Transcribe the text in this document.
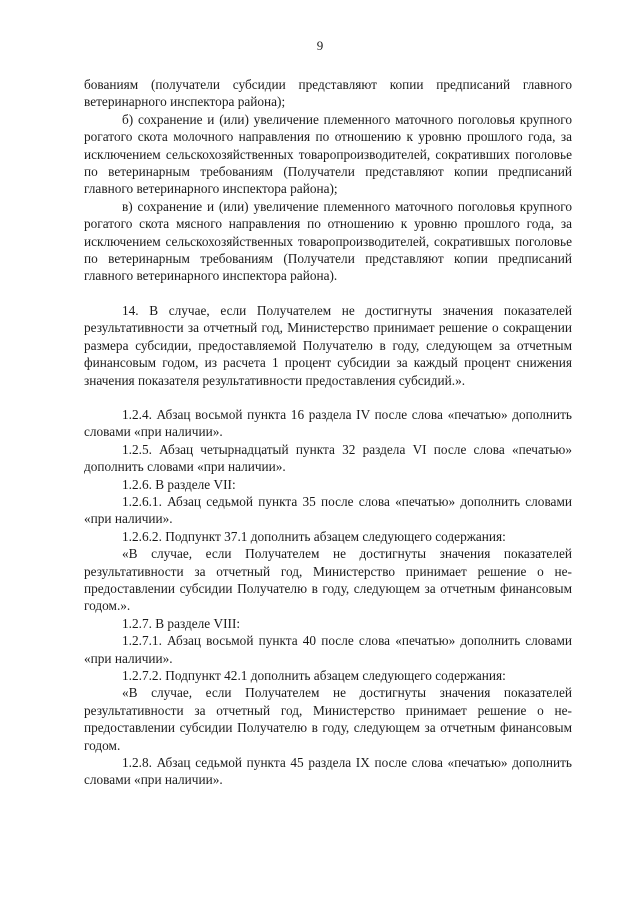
9

бованиям (получатели субсидии представляют копии предписаний главного ветеринарного инспектора района);

б) сохранение и (или) увеличение племенного маточного поголовья крупного рогатого скота молочного направления по отношению к уровню прошлого года, за исключением сельскохозяйственных товаропроизводителей, сокративших поголовье по ветеринарным требованиям (Получатели представляют копии предписаний главного ветеринарного инспектора района);

в) сохранение и (или) увеличение племенного маточного поголовья крупного рогатого скота мясного направления по отношению к уровню прошлого года, за исключением сельскохозяйственных товаропроизводителей, сократившых поголовье по ветеринарным требованиям (Получатели представляют копии предписаний главного ветеринарного инспектора района).

14. В случае, если Получателем не достигнуты значения показателей результативности за отчетный год, Министерство принимает решение о сокращении размера субсидии, предоставляемой Получателю в году, следующем за отчетным финансовым годом, из расчета 1 процент субсидии за каждый процент снижения значения показателя результативности предоставления субсидий.».

1.2.4. Абзац восьмой пункта 16 раздела IV после слова «печатью» дополнить словами «при наличии».

1.2.5. Абзац четырнадцатый пункта 32 раздела VI после слова «печатью» дополнить словами «при наличии».

1.2.6. В разделе VII:

1.2.6.1. Абзац седьмой пункта 35 после слова «печатью» дополнить словами «при наличии».

1.2.6.2. Подпункт 37.1 дополнить абзацем следующего содержания:

«В случае, если Получателем не достигнуты значения показателей результативности за отчетный год, Министерство принимает решение о не-предоставлении субсидии Получателю в году, следующем за отчетным финансовым годом.».

1.2.7. В разделе VIII:

1.2.7.1. Абзац восьмой пункта 40 после слова «печатью» дополнить словами «при наличии».

1.2.7.2. Подпункт 42.1 дополнить абзацем следующего содержания:

«В случае, если Получателем не достигнуты значения показателей результативности за отчетный год, Министерство принимает решение о не-предоставлении субсидии Получателю в году, следующем за отчетным финансовым годом.

1.2.8. Абзац седьмой пункта 45 раздела IX после слова «печатью» дополнить словами «при наличии».
